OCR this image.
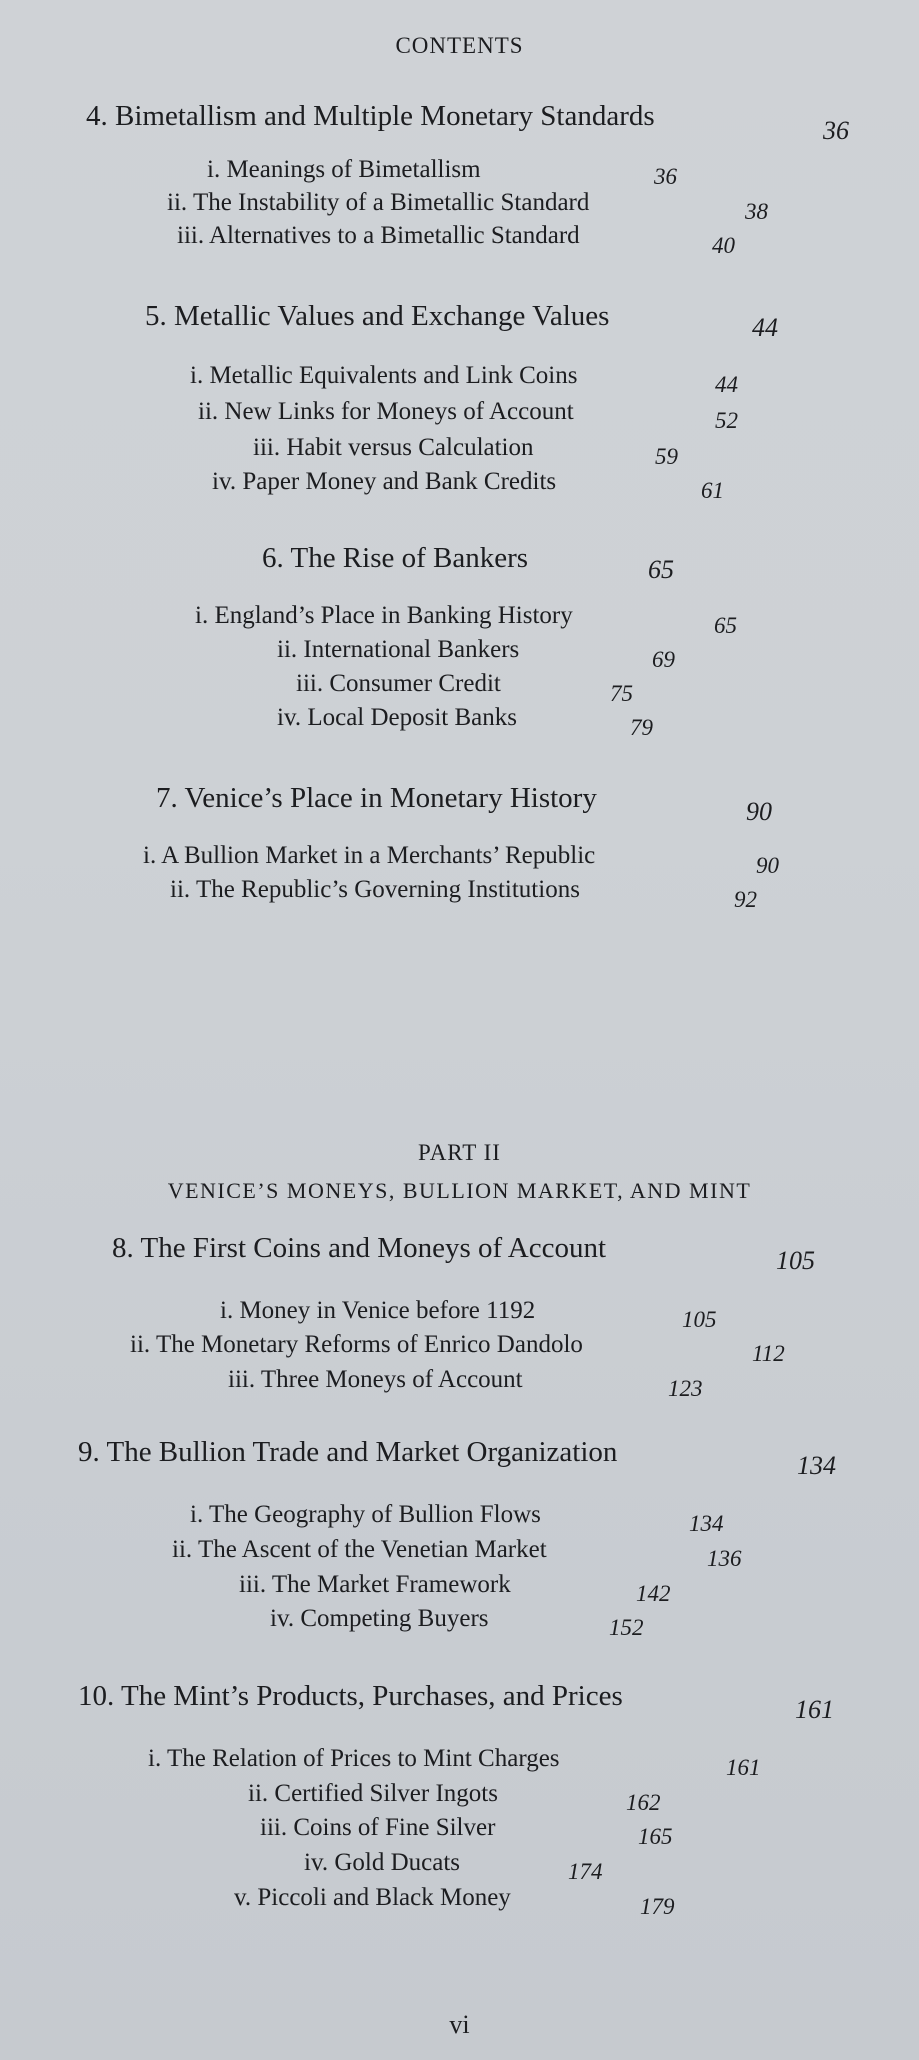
CONTENTS
4. Bimetallism and Multiple Monetary Standards	36
i. Meanings of Bimetallism	36
ii. The Instability of a Bimetallic Standard	38
iii. Alternatives to a Bimetallic Standard	40
5. Metallic Values and Exchange Values	44
i. Metallic Equivalents and Link Coins	44
ii. New Links for Moneys of Account	52
iii. Habit versus Calculation	59
iv. Paper Money and Bank Credits	61
6. The Rise of Bankers	65
i. England’s Place in Banking History	65
ii. International Bankers	69
iii. Consumer Credit	75
iv. Local Deposit Banks	79
7. Venice’s Place in Monetary History	90
i. A Bullion Market in a Merchants’ Republic	90
ii. The Republic’s Governing Institutions	92
8. The First Coins and Moneys of Account	105
i. Money in Venice before 1192	105
ii. The Monetary Reforms of Enrico Dandolo	112
iii. Three Moneys of Account	123
9. The Bullion Trade and Market Organization	134
i. The Geography of Bullion Flows	134
ii. The Ascent of the Venetian Market	136
iii. The Market Framework	142
iv. Competing Buyers	152
10. The Mint’s Products, Purchases, and Prices	161
i. The Relation of Prices to Mint Charges	161
ii. Certified Silver Ingots	162
iii. Coins of Fine Silver	165
iv. Gold Ducats	174
v. Piccoli and Black Money	179
PART II
VENICE’S MONEYS, BULLION MARKET, AND MINT
vi
